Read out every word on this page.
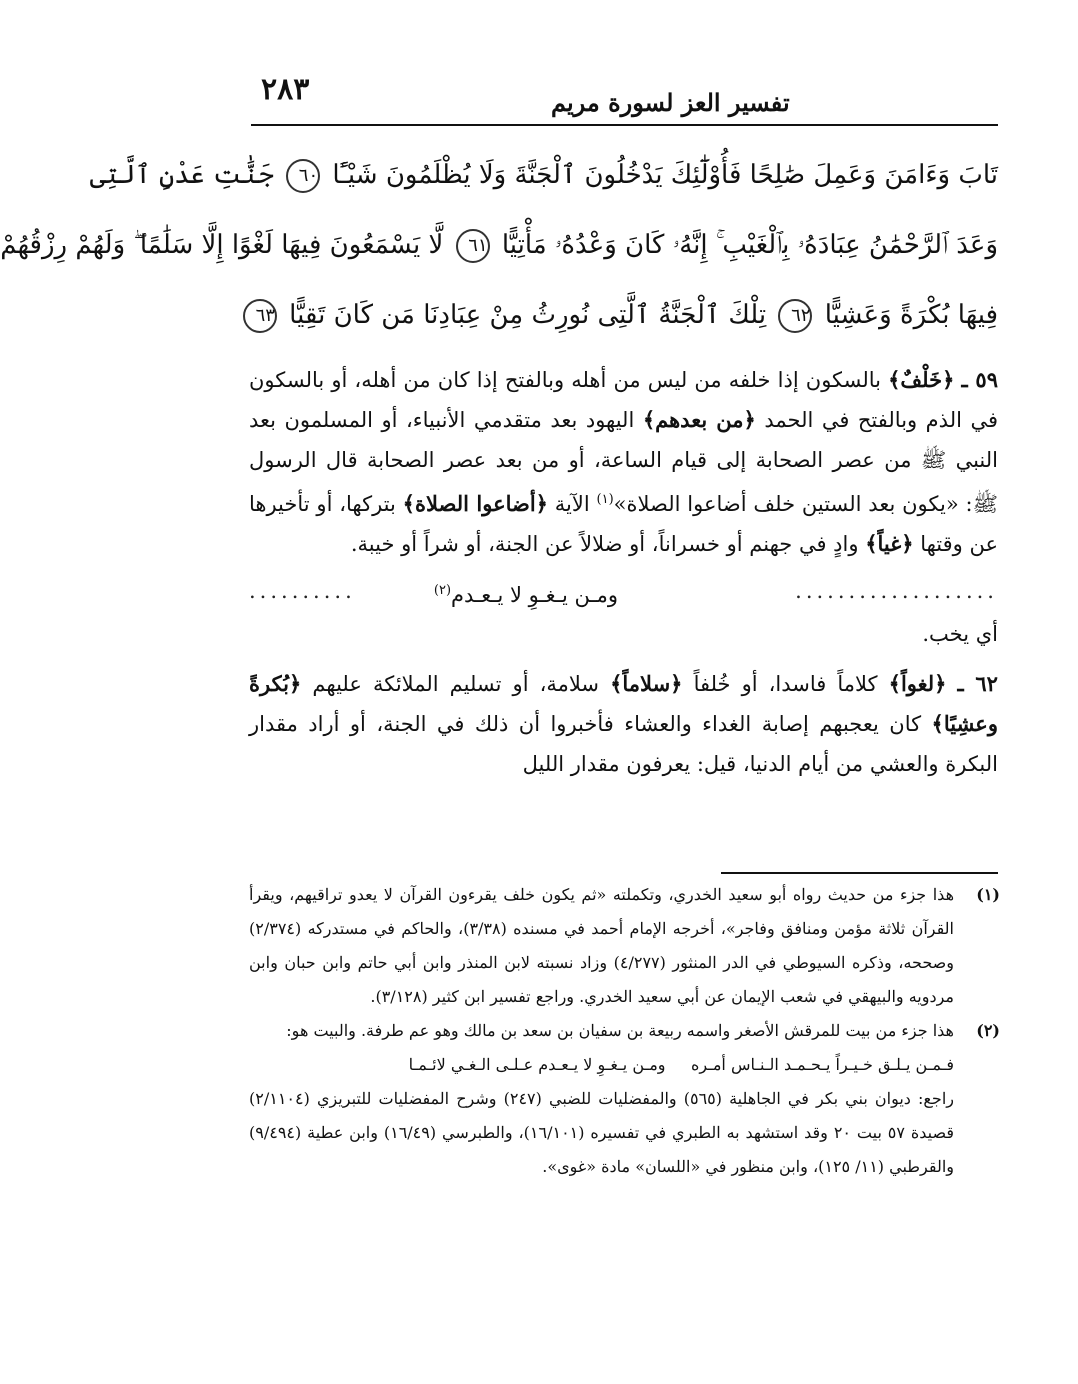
٢٨٣	تفسير العز لسورة مريم
تَابَ وَءَامَنَ وَعَمِلَ صَٰلِحًا فَأُوْلَٰٓئِكَ يَدْخُلُونَ ٱلْجَنَّةَ وَلَا يُظْلَمُونَ شَيْـًٔا ٦٠ جَنَّٰتِ عَدْنٍ ٱلَّتِى
وَعَدَ ٱلرَّحْمَٰنُ عِبَادَهُۥ بِٱلْغَيْبِ ۚ إِنَّهُۥ كَانَ وَعْدُهُۥ مَأْتِيًّا ٦١ لَّا يَسْمَعُونَ فِيهَا لَغْوًا إِلَّا سَلَٰمًا ۖ وَلَهُمْ رِزْقُهُمْ
فِيهَا بُكْرَةً وَعَشِيًّا ٦٢ تِلْكَ ٱلْجَنَّةُ ٱلَّتِى نُورِثُ مِنْ عِبَادِنَا مَن كَانَ تَقِيًّا ٦٣

٥٩ ـ ﴿خَلْفٌ﴾ بالسكون إذا خلفه من ليس من أهله وبالفتح إذا كان من أهله، أو بالسكون في الذم وبالفتح في الحمد ﴿من بعدهم﴾ اليهود بعد متقدمي الأنبياء، أو المسلمون بعد النبي ﷺ من عصر الصحابة إلى قيام الساعة، أو من بعد عصر الصحابة قال الرسول ﷺ: «يكون بعد الستين خلف أضاعوا الصلاة»$^{(١)}$ الآية ﴿أضاعوا الصلاة﴾ بتركها، أو تأخيرها عن وقتها ﴿غياً﴾ وادٍ في جهنم أو خسراناً، أو ضلالاً عن الجنة، أو شراً أو خيبة.

...................
ومـن يـغـوِ لا يـعـدم$^{(٢)}$
..........

أي يخب.

٦٢ ـ ﴿لغواً﴾ كلاماً فاسدا، أو خُلفاً ﴿سلاماً﴾ سلامة، أو تسليم الملائكة عليهم ﴿بُكرةً وعشِيًا﴾ كان يعجبهم إصابة الغداء والعشاء فأخبروا أن ذلك في الجنة، أو أراد مقدار البكرة والعشي من أيام الدنيا، قيل: يعرفون مقدار الليل

(١)

هذا جزء من حديث رواه أبو سعيد الخدري، وتكملته «ثم يكون خلف يقرءون القرآن لا يعدو تراقيهم، ويقرأ القرآن ثلاثة مؤمن ومنافق وفاجر»، أخرجه الإمام أحمد في مسنده (٣/٣٨)، والحاكم في مستدركه (٢/٣٧٤) وصححه، وذكره السيوطي في الدر المنثور (٤/٢٧٧) وزاد نسبته لابن المنذر وابن أبي حاتم وابن حبان وابن مردويه والبيهقي في شعب الإيمان عن أبي سعيد الخدري. وراجع تفسير ابن كثير (٣/١٢٨).

(٢)

هذا جزء من بيت للمرقش الأصغر واسمه ربيعة بن سفيان بن سعد بن مالك وهو عم طرفة. والبيت هو:

فـمـن يـلـق خـيـراً يـحـمـد الـنـاس أمـره     ومـن يـغـوِ لا يـعـدم عـلـى الـغـي لائـمـا

راجع: ديوان بني بكر في الجاهلية (٥٦٥) والمفضليات للضبي (٢٤٧) وشرح المفضليات للتبريزي (٢/١١٠٤) قصيدة ٥٧ بيت ٢٠ وقد استشهد به الطبري في تفسيره (١٦/١٠١)، والطبرسي (١٦/٤٩) وابن عطية (٩/٤٩٤) والقرطبي (١١/ ١٢٥)، وابن منظور في «اللسان» مادة «غوى».
